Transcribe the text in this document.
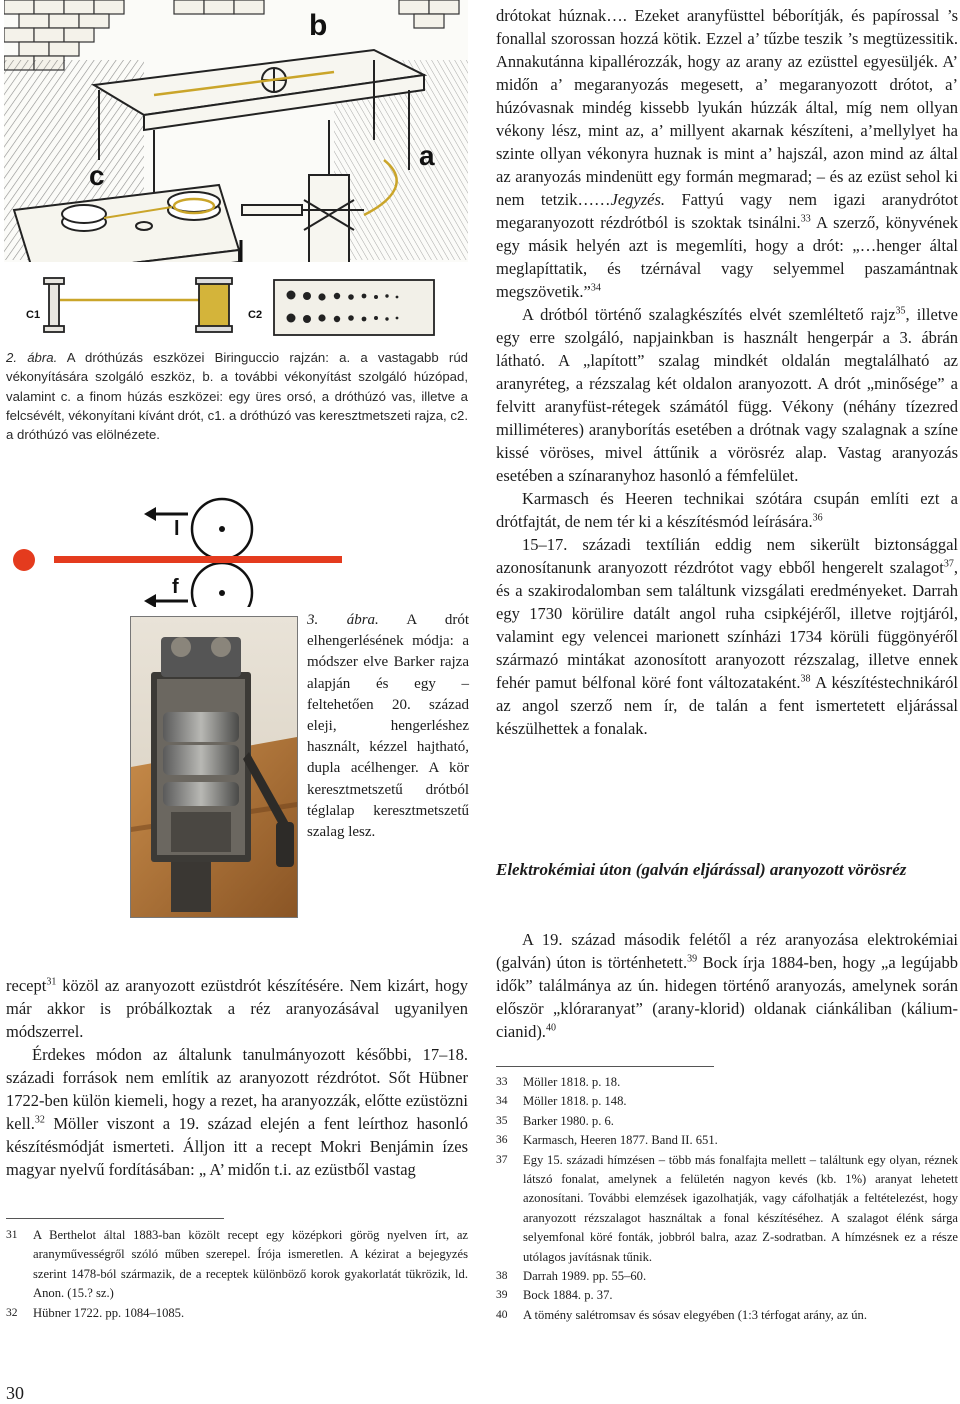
b
a
c
C1	C2
2. ábra. A dróthúzás eszközei Biringuccio rajzán: a. a vastagabb rúd vékonyítására szolgáló eszköz, b. a további vékonyítást szolgáló húzópad, valamint c. a finom húzás eszközei: egy üres orsó, a dróthúzó vas, illetve a felcsévélt, vékonyítani kívánt drót, c1. a dróthúzó vas keresztmetszeti rajza, c2. a dróthúzó vas elölnézete.
l
f
3. ábra. A drót elhengerlésének módja: a módszer elve Barker rajza alapján és egy – feltehetően 20. század eleji, hengerléshez használt, kézzel hajtható, dupla acélhenger. A kör keresztmetszetű drótból téglalap keresztmetszetű szalag lesz.

recept$^{31}$ közöl az aranyozott ezüstdrót készítésére. Nem kizárt, hogy már akkor is próbálkoztak a réz aranyozásával ugyanilyen módszerrel.

Érdekes módon az általunk tanulmányozott későbbi, 17–18. századi források nem említik az aranyozott rézdrótot. Sőt Hübner 1722-ben külön kiemeli, hogy a rezet, ha aranyozzák, előtte ezüstözni kell.$^{32}$ Möller viszont a 19. század elején a fent leírthoz hasonló készítésmódját ismerteti. Álljon itt a recept Mokri Benjámin ízes magyar nyelvű fordításában: „ A’ midőn t.i. az ezüstből vastag

31	A Berthelot által 1883-ban közölt recept egy középkori görög nyelven írt, az aranyművességről szóló műben szerepel. Írója ismeretlen. A kézirat a bejegyzés szerint 1478-ból származik, de a receptek különböző korok gyakorlatát tükrözik, ld. Anon. (15.? sz.)
32	Hübner 1722. pp. 1084–1085.

drótokat húznak…. Ezeket aranyfüsttel béborítják, és papírossal ’s fonallal szorossan hozzá kötik. Ezzel a’ tűzbe teszik ’s megtüzessitik. Annakutánna kipallérozzák, hogy az arany az ezüsttel egyesüljék. A’ midőn a’ megaranyozás megesett, a’ megaranyozott drótot, a’ húzóvasnak mindég kissebb lyukán húzzák által, míg nem ollyan vékony lész, mint az, a’ millyent akarnak készíteni, a’mellylyet ha szinte ollyan vékonyra huznak is mint a’ hajszál, azon mind az által az aranyozás mindenütt egy formán megmarad; – és az ezüst sehol ki nem tetzik……Jegyzés. Fattyú vagy nem igazi aranydrótot megaranyozott rézdrótból is szoktak tsinálni.$^{33}$ A szerző, könyvének egy másik helyén azt is megemlíti, hogy a drót: „…henger által meglapíttatik, és tzérnával vagy selyemmel paszamántnak megszövetik.”$^{34}$

A drótból történő szalagkészítés elvét szemléltető rajz$^{35}$, illetve egy erre szolgáló, napjainkban is használt hengerpár a 3. ábrán látható. A „lapított” szalag mindkét oldalán megtalálható az aranyréteg, a rézszalag két oldalon aranyozott. A drót „minősége” a felvitt aranyfüst-rétegek számától függ. Vékony (néhány tízezred milliméteres) aranyborítás esetében a drótnak vagy szalagnak a színe kissé vöröses, mivel áttűnik a vörösréz alap. Vastag aranyozás esetében a színaranyhoz hasonló a fémfelület.

Karmasch és Heeren technikai szótára csupán említi ezt a drótfajtát, de nem tér ki a készítésmód leírására.$^{36}$

15–17. századi textílián eddig nem sikerült biztonsággal azonosítanunk aranyozott rézdrótot vagy ebből hengerelt szalagot$^{37}$, és a szakirodalomban sem találtunk vizsgálati eredményeket. Darrah egy 1730 körülire datált angol ruha csipkéjéről, illetve rojtjáról, valamint egy velencei marionett színházi 1734 körüli függönyéről származó mintákat azonosított aranyozott rézszalag, illetve ennek fehér pamut bélfonal köré font változataként.$^{38}$ A készítéstechnikáról az angol szerző nem ír, de talán a fent ismertetett eljárással készülhettek a fonalak.

Elektrokémiai úton (galván eljárással) aranyozott vörösréz

A 19. század második felétől a réz aranyozása elektrokémiai (galván) úton is történhetett.$^{39}$ Bock írja 1884-ben, hogy „a legújabb idők” találmánya az ún. hidegen történő aranyozás, amelynek során először „klóraranyat” (arany-klorid) oldanak ciánkáliban (kálium-cianid).$^{40}$

33	Möller 1818. p. 18.
34	Möller 1818. p. 148.
35	Barker 1980. p. 6.
36	Karmasch, Heeren 1877. Band II. 651.
37	Egy 15. századi hímzésen – több más fonalfajta mellett – találtunk egy olyan, réznek látszó fonalat, amelynek a felületén nagyon kevés (kb. 1%) aranyat lehetett azonosítani. További elemzések igazolhatják, vagy cáfolhatják a feltételezést, hogy aranyozott rézszalagot használtak a fonal készítéséhez. A szalagot élénk sárga selyemfonal köré fonták, jobbról balra, azaz Z-sodratban. A hímzésnek ez a része utólagos javításnak tűnik.
38	Darrah 1989. pp. 55–60.
39	Bock 1884. p. 37.
40	A tömény salétromsav és sósav elegyében (1:3 térfogat arány, az ún.
30
